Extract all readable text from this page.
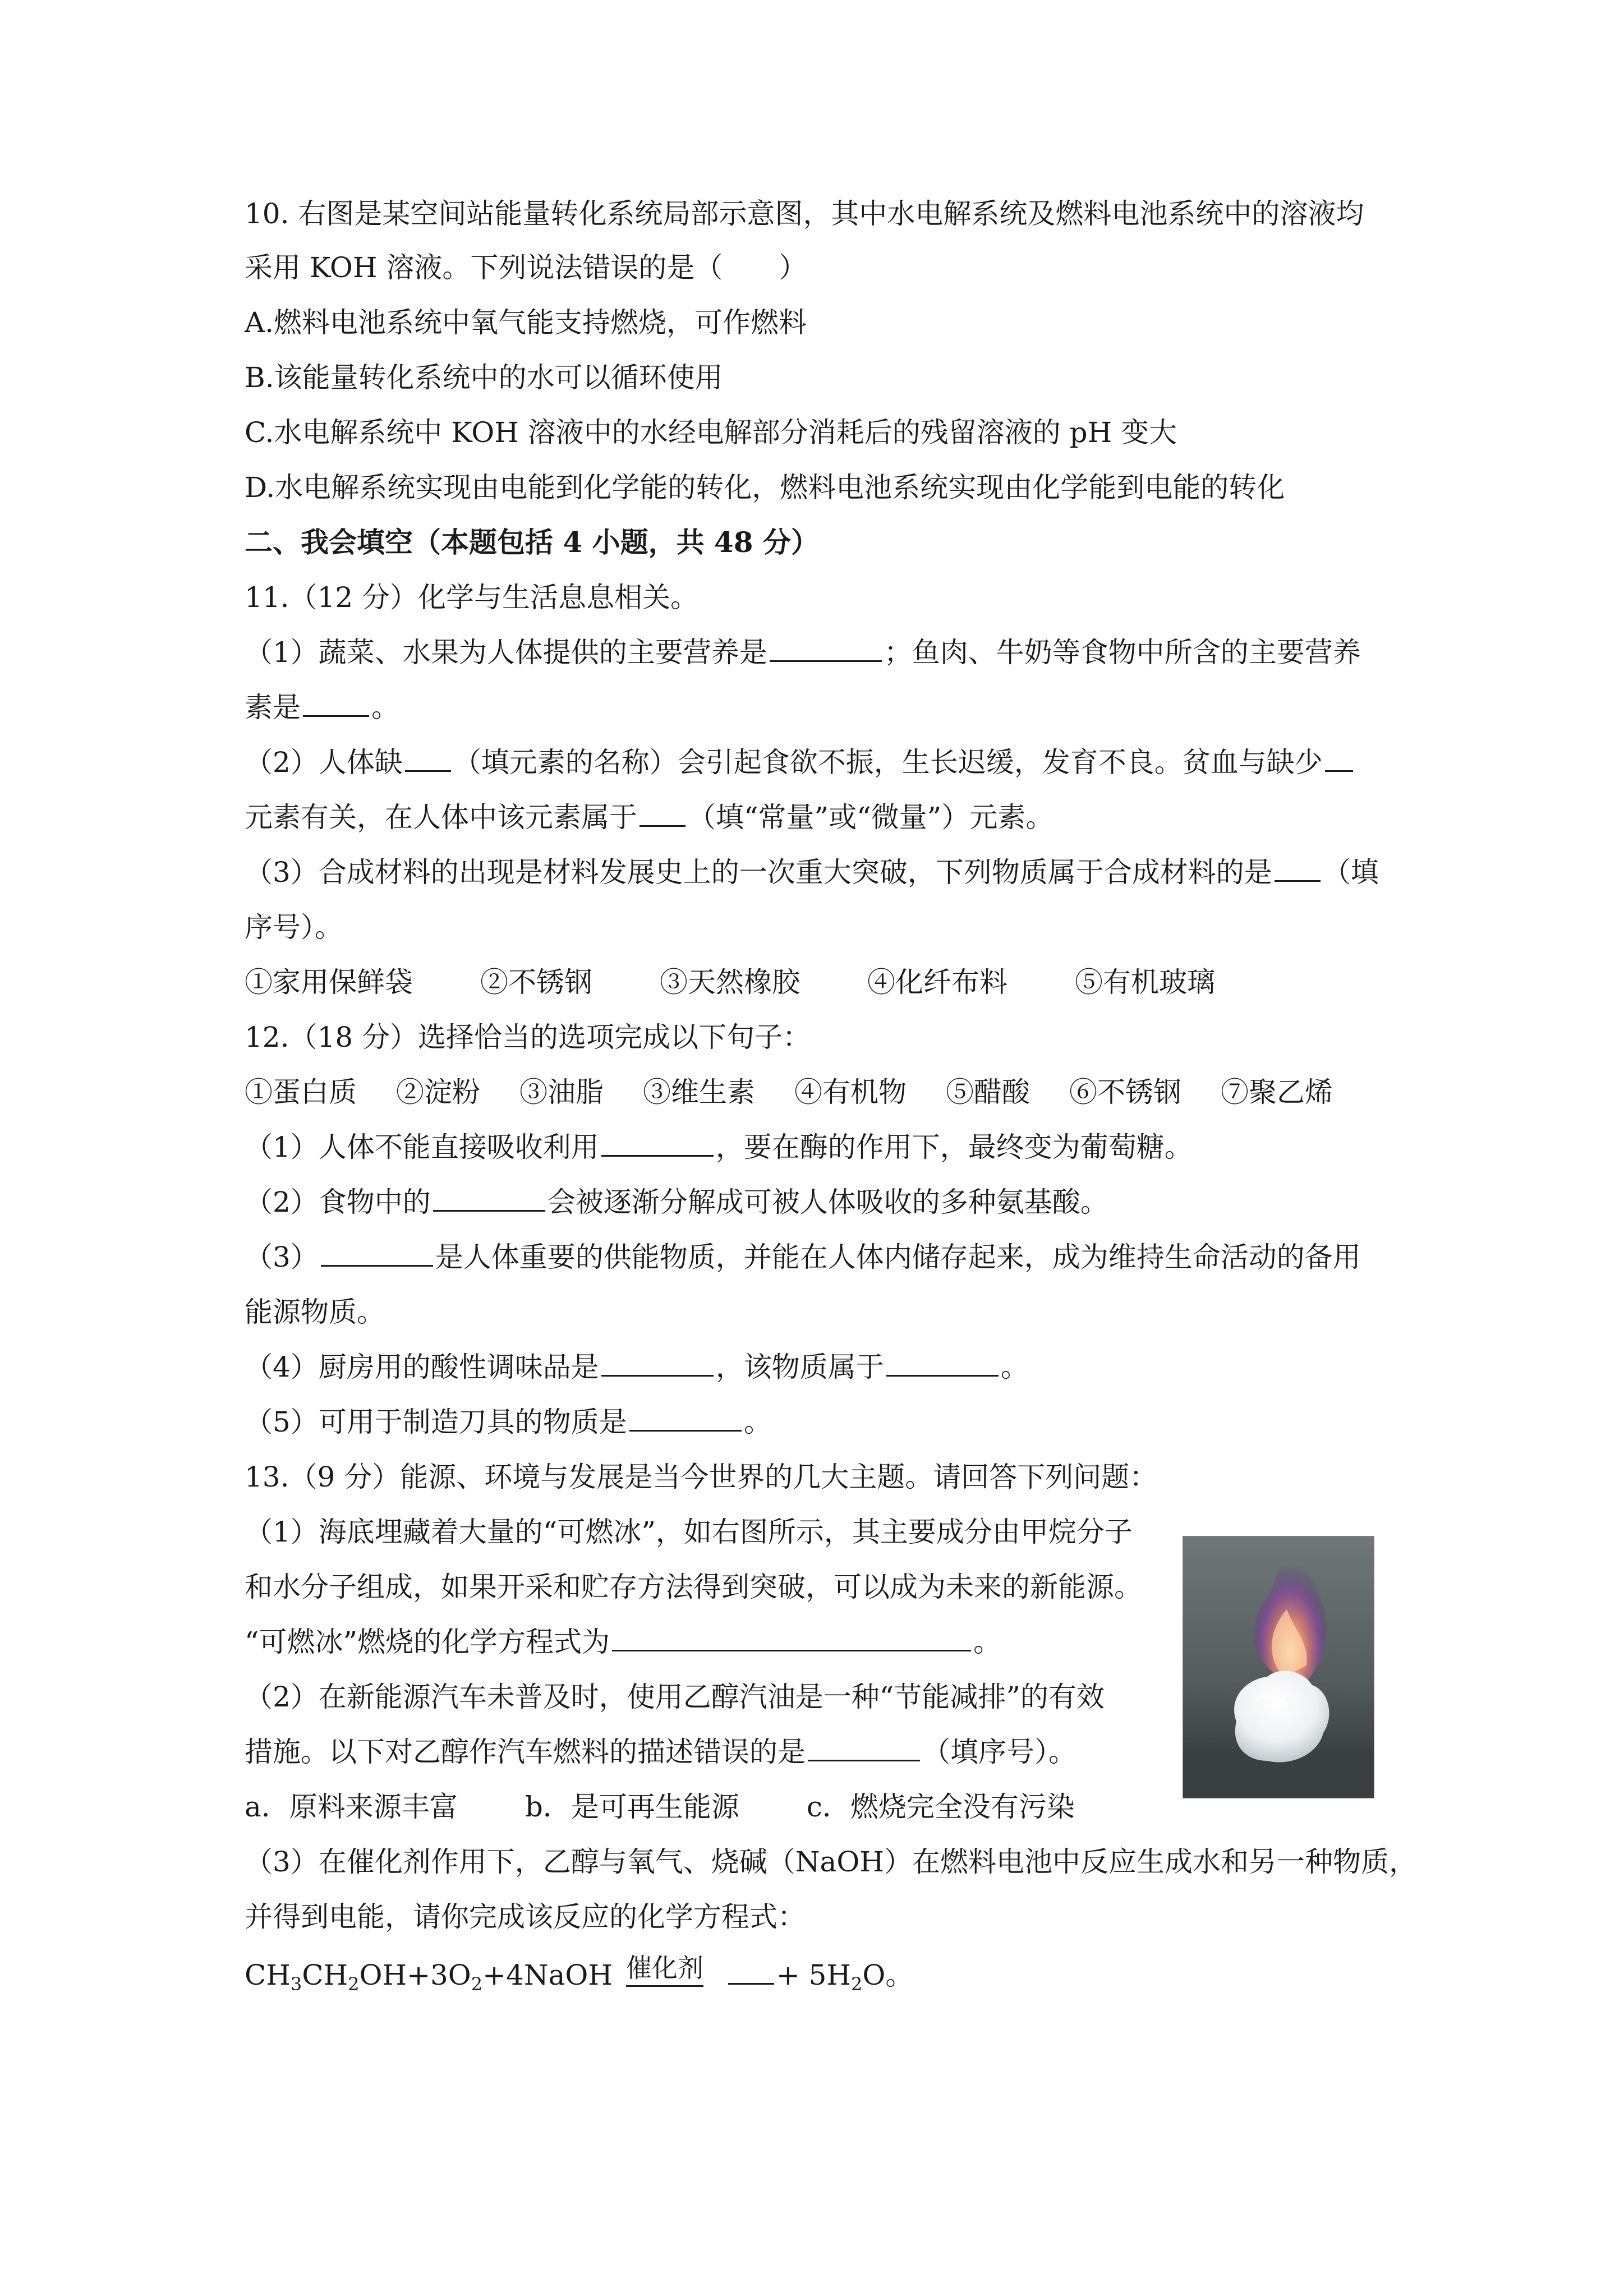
10. 右图是某空间站能量转化系统局部示意图，其中水电解系统及燃料电池系统中的溶液均
采用 KOH 溶液。下列说法错误的是（　　）
A.燃料电池系统中氧气能支持燃烧，可作燃料
B.该能量转化系统中的水可以循环使用
C.水电解系统中 KOH 溶液中的水经电解部分消耗后的残留溶液的 pH 变大
D.水电解系统实现由电能到化学能的转化，燃料电池系统实现由化学能到电能的转化
二、我会填空（本题包括 4 小题，共 48 分）
11.（12 分）化学与生活息息相关。
（1）蔬菜、水果为人体提供的主要营养是	；鱼肉、牛奶等食物中所含的主要营养
素是	。
（2）人体缺 （填元素的名称）会引起食欲不振，生长迟缓，发育不良。贫血与缺少
元素有关，在人体中该元素属于 （填“常量”或“微量”）元素。
（3）合成材料的出现是材料发展史上的一次重大突破，下列物质属于合成材料的是 （填
序号）。
①家用保鲜袋 ②不锈钢 ③天然橡胶 ④化纤布料 ⑤有机玻璃
12.（18 分）选择恰当的选项完成以下句子：
①蛋白质 ②淀粉 ③油脂 ③维生素 ④有机物 ⑤醋酸 ⑥不锈钢 ⑦聚乙烯
（1）人体不能直接吸收利用	，要在酶的作用下，最终变为葡萄糖。
（2）食物中的	会被逐渐分解成可被人体吸收的多种氨基酸。
（3）	是人体重要的供能物质，并能在人体内储存起来，成为维持生命活动的备用
能源物质。
（4）厨房用的酸性调味品是	，该物质属于	。
（5）可用于制造刀具的物质是	。
13.（9 分）能源、环境与发展是当今世界的几大主题。请回答下列问题：
（1）海底埋藏着大量的“可燃冰”，如右图所示，其主要成分由甲烷分子
和水分子组成，如果开采和贮存方法得到突破，可以成为未来的新能源。
“可燃冰”燃烧的化学方程式为	。
（2）在新能源汽车未普及时，使用乙醇汽油是一种“节能减排”的有效
措施。以下对乙醇作汽车燃料的描述错误的是	（填序号）。
a．原料来源丰富 b．是可再生能源 c．燃烧完全没有污染
（3）在催化剂作用下，乙醇与氧气、烧碱（NaOH）在燃料电池中反应生成水和另一种物质，
并得到电能，请你完成该反应的化学方程式：
$CH_3CH_2OH+3O_2+4NaOH$ 催化剂	+ $5H_2O$。
